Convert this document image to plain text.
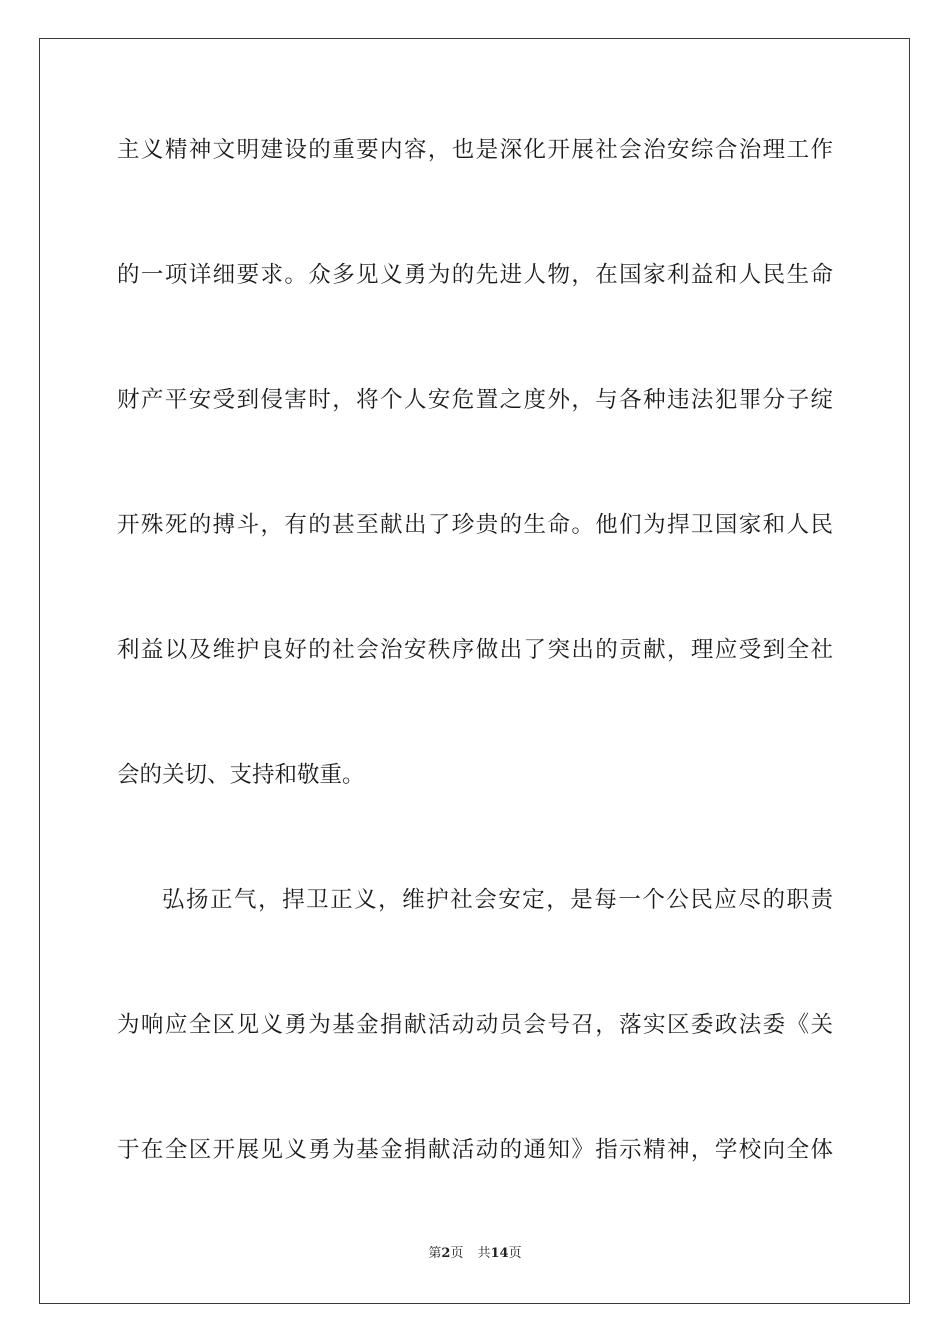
主义精神文明建设的重要内容，也是深化开展社会治安综合治理工作
的一项详细要求。众多见义勇为的先进人物，在国家利益和人民生命
财产平安受到侵害时，将个人安危置之度外，与各种违法犯罪分子绽
开殊死的搏斗，有的甚至献出了珍贵的生命。他们为捍卫国家和人民
利益以及维护良好的社会治安秩序做出了突出的贡献，理应受到全社
会的关切、支持和敬重。
弘扬正气，捍卫正义，维护社会安定，是每一个公民应尽的职责
为响应全区见义勇为基金捐献活动动员会号召，落实区委政法委《关
于在全区开展见义勇为基金捐献活动的通知》指示精神，学校向全体
第2页 共14页
